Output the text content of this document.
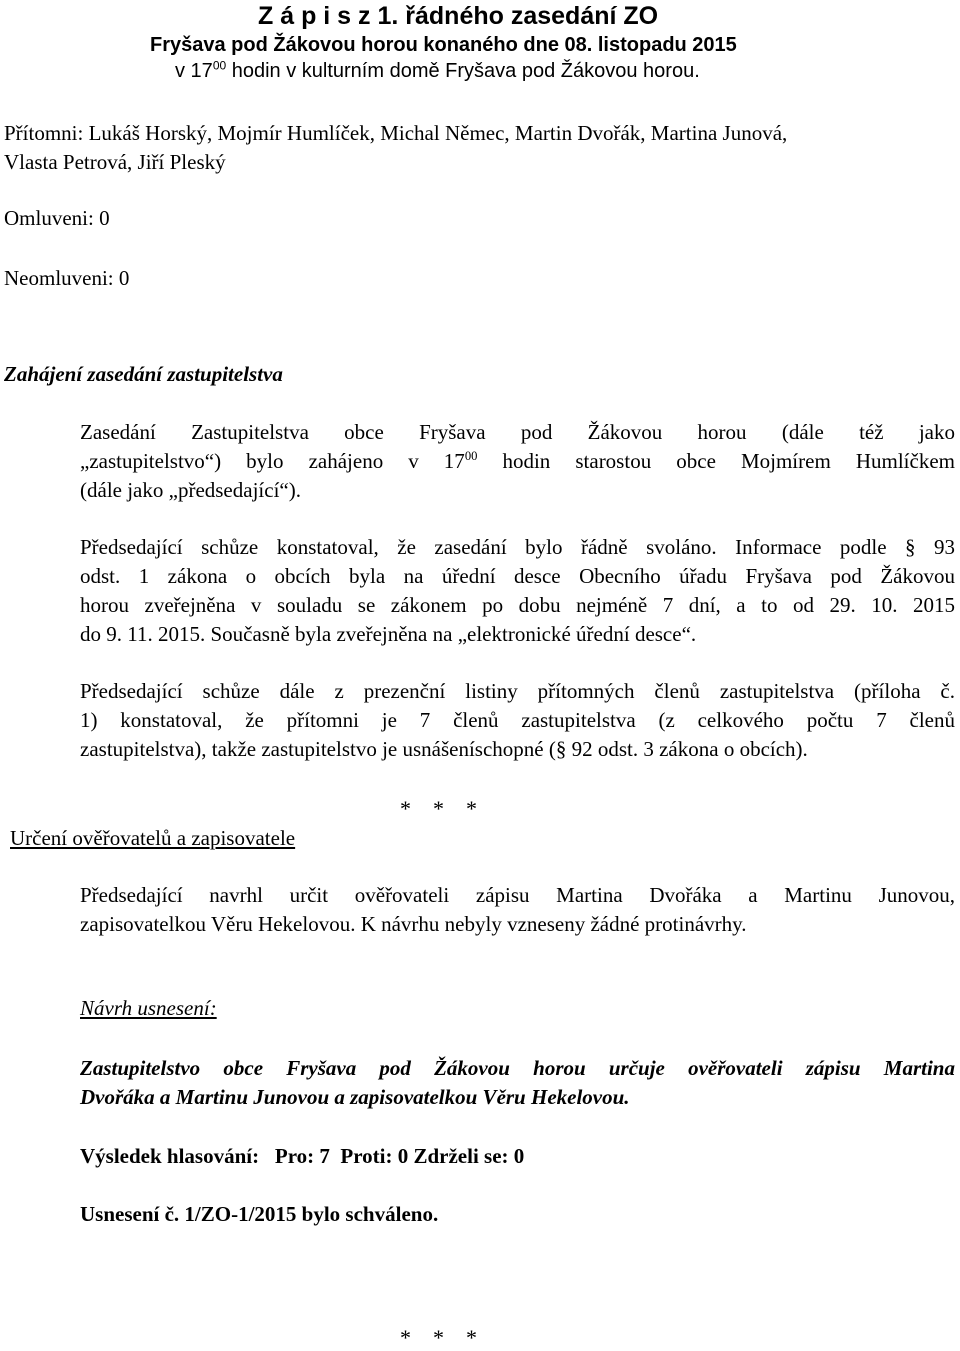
Z á p i s z 1. řádného zasedání ZO
Fryšava pod Žákovou horou konaného dne 08. listopadu 2015
v $17^{00}$ hodin v kulturním domě Fryšava pod Žákovou horou.
Přítomni: Lukáš Horský, Mojmír Humlíček, Michal Němec, Martin Dvořák, Martina Junová,
Vlasta Petrová, Jiří Pleský
Omluveni: 0
Neomluveni: 0
Zahájení zasedání zastupitelstva
Zasedání Zastupitelstva obce Fryšava pod Žákovou horou (dále též jako
„zastupitelstvo“) bylo zahájeno v $17^{00}$ hodin starostou obce Mojmírem Humlíčkem
(dále jako „předsedající“).
Předsedající schůze konstatoval, že zasedání bylo řádně svoláno. Informace podle § 93
odst. 1 zákona o obcích byla na úřední desce Obecního úřadu Fryšava pod Žákovou
horou zveřejněna v souladu se zákonem po dobu nejméně 7 dní, a to od 29. 10. 2015
do 9. 11. 2015. Současně byla zveřejněna na „elektronické úřední desce“.
Předsedající schůze dále z prezenční listiny přítomných členů zastupitelstva (příloha č.
1) konstatoval, že přítomni je 7 členů zastupitelstva (z celkového počtu 7 členů
zastupitelstva), takže zastupitelstvo je usnášeníschopné (§ 92 odst. 3 zákona o obcích).
*    *    *
Určení ověřovatelů a zapisovatele
Předsedající navrhl určit ověřovateli zápisu Martina Dvořáka a Martinu Junovou,
zapisovatelkou Věru Hekelovou. K návrhu nebyly vzneseny žádné protinávrhy.
Návrh usnesení:
Zastupitelstvo obce Fryšava pod Žákovou horou určuje ověřovateli zápisu Martina
Dvořáka a Martinu Junovou a zapisovatelkou Věru Hekelovou.
Výsledek hlasování:   Pro: 7  Proti: 0 Zdrželi se: 0
Usnesení č. 1/ZO-1/2015 bylo schváleno.
*    *    *
